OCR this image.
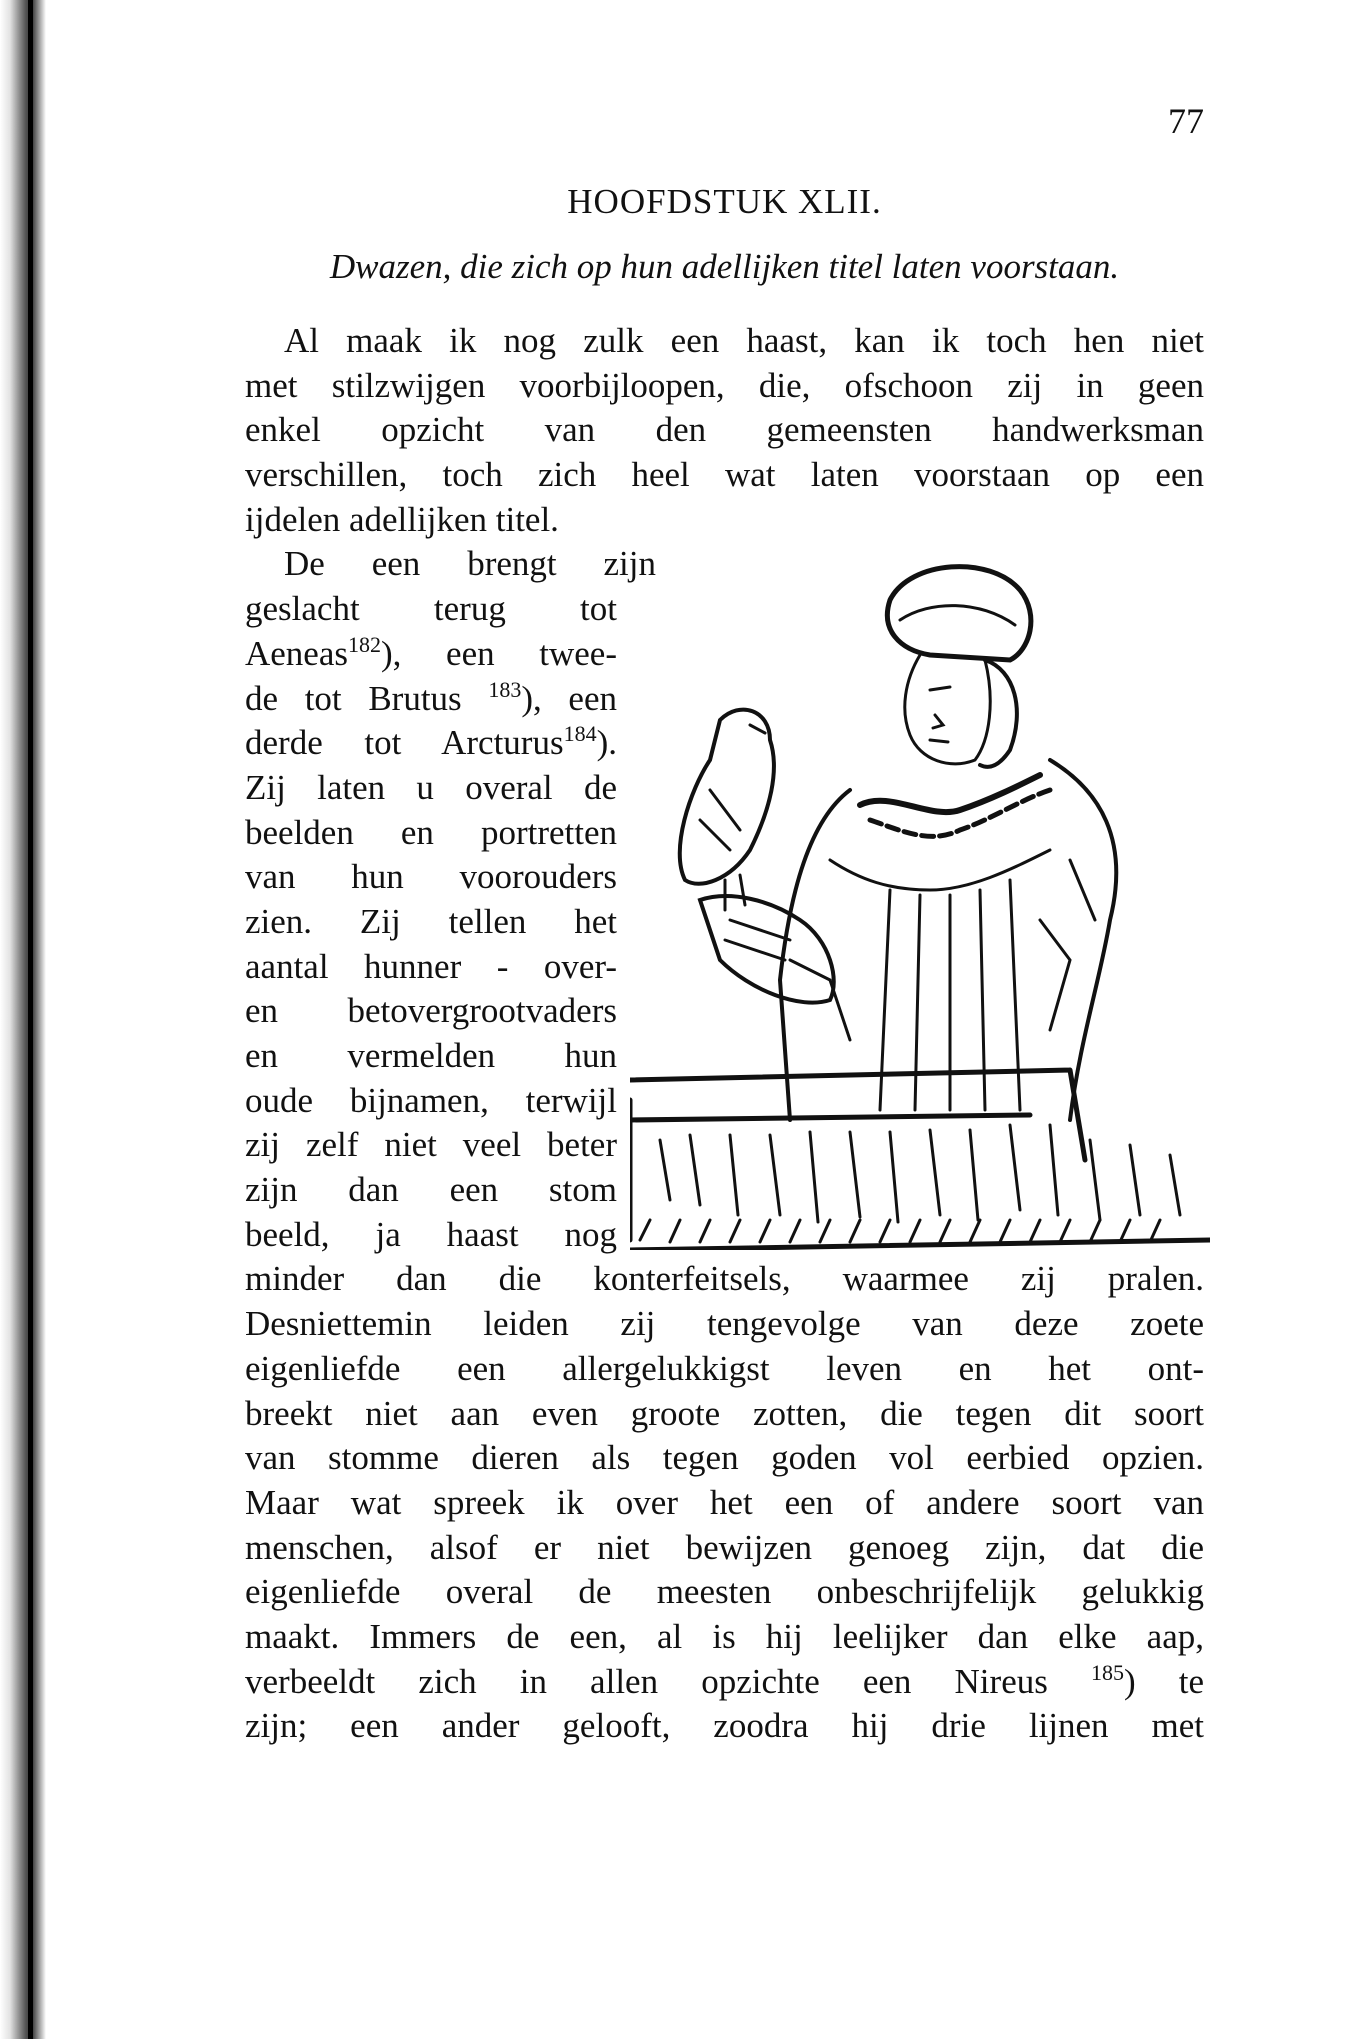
77
HOOFDSTUK XLII.
Dwazen, die zich op hun adellijken titel laten voorstaan.
Al maak ik nog zulk een haast, kan ik toch hen niet
met stilzwijgen voorbijloopen, die, ofschoon zij in geen
enkel opzicht van den gemeensten handwerksman
verschillen, toch zich heel wat laten voorstaan op een
ijdelen adellijken titel.
De een brengt zijn
geslacht terug tot
Aeneas$^{182}$), een twee-
de tot Brutus $^{183}$), een
derde tot Arcturus$^{184}$).
Zij laten u overal de
beelden en portretten
van hun voorouders
zien. Zij tellen het
aantal hunner - over-
en betovergrootvaders
en vermelden hun
oude bijnamen, terwijl
zij zelf niet veel beter
zijn dan een stom
beeld, ja haast nog
minder dan die konterfeitsels, waarmee zij pralen.
Desniettemin leiden zij tengevolge van deze zoete
eigenliefde een allergelukkigst leven en het ont-
breekt niet aan even groote zotten, die tegen dit soort
van stomme dieren als tegen goden vol eerbied opzien.
Maar wat spreek ik over het een of andere soort van
menschen, alsof er niet bewijzen genoeg zijn, dat die
eigenliefde overal de meesten onbeschrijfelijk gelukkig
maakt. Immers de een, al is hij leelijker dan elke aap,
verbeeldt zich in allen opzichte een Nireus $^{185}$) te
zijn; een ander gelooft, zoodra hij drie lijnen met
